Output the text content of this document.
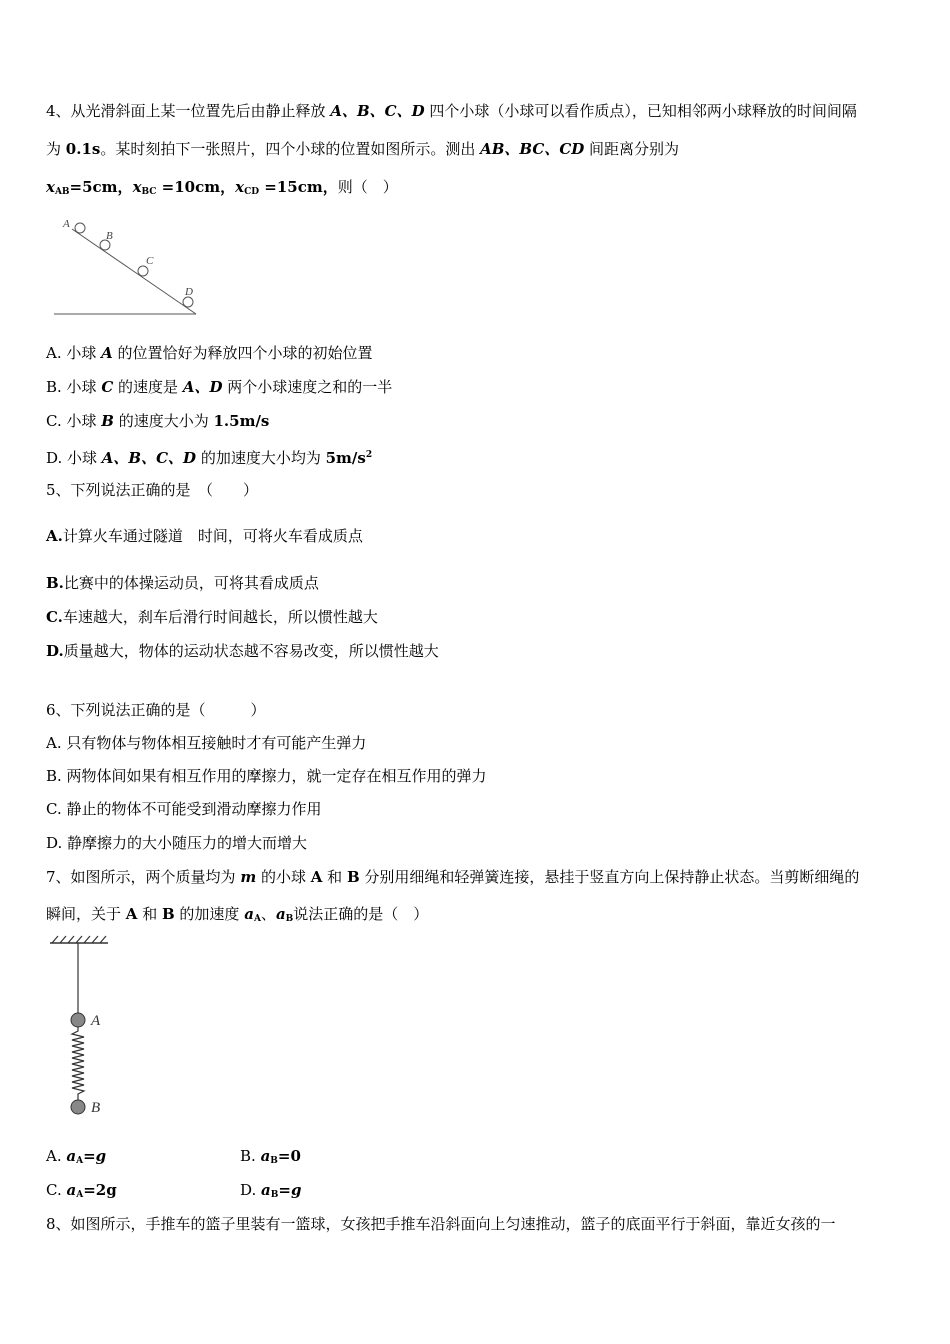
4、从光滑斜面上某一位置先后由静止释放 A、B、C、D 四个小球（小球可以看作质点），已知相邻两小球释放的时间间隔
为 0.1s。某时刻拍下一张照片，四个小球的位置如图所示。测出 AB、BC、CD 间距离分别为
$x_{AB}=5cm$，$x_{BC} =10cm$，$x_{CD} =15cm$，则（　）
A
B
C
D
A. 小球 A 的位置恰好为释放四个小球的初始位置
B. 小球 C 的速度是 A、D 两个小球速度之和的一半
C. 小球 B 的速度大小为 1.5m/s
D. 小球 A、B、C、D 的加速度大小均为 $5m/s^2$
5、下列说法正确的是　（　　）
A.计算火车通过隧道　时间，可将火车看成质点
B.比赛中的体操运动员，可将其看成质点
C.车速越大，刹车后滑行时间越长，所以惯性越大
D.质量越大，物体的运动状态越不容易改变，所以惯性越大
6、下列说法正确的是（　　　）
A. 只有物体与物体相互接触时才有可能产生弹力
B. 两物体间如果有相互作用的摩擦力，就一定存在相互作用的弹力
C. 静止的物体不可能受到滑动摩擦力作用
D. 静摩擦力的大小随压力的增大而增大
7、如图所示，两个质量均为 m 的小球 A 和 B 分别用细绳和轻弹簧连接，悬挂于竖直方向上保持静止状态。当剪断细绳的
瞬间，关于 A 和 B 的加速度 $a_A$、$a_B$说法正确的是（　）
A
B
A. $a_A=g$	B. $a_B=0$
C. $a_A=2g$	D. $a_B=g$
8、如图所示，手推车的篮子里装有一篮球，女孩把手推车沿斜面向上匀速推动，篮子的底面平行于斜面，靠近女孩的一
